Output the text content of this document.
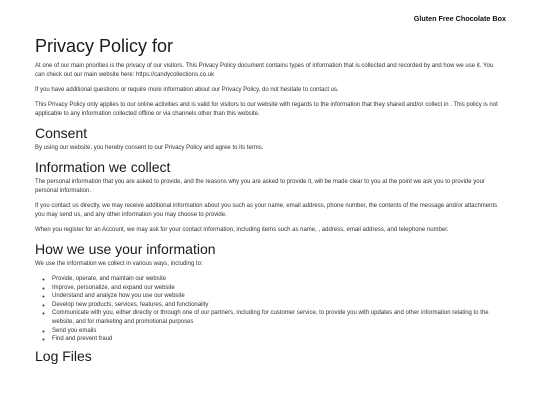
Gluten Free Chocolate Box
Privacy Policy for

At one of our main priorities is the privacy of our visitors. This Privacy Policy document contains types of information that is collected and recorded by and how we use it. You can check out our main website here: https://candycollections.co.uk

If you have additional questions or require more information about our Privacy Policy, do not hesitate to contact us.

This Privacy Policy only applies to our online activities and is valid for visitors to our website with regards to the information that they shared and/or collect in . This policy is not applicable to any information collected offline or via channels other than this website.

Consent

By using our website, you hereby consent to our Privacy Policy and agree to its terms.

Information we collect

The personal information that you are asked to provide, and the reasons why you are asked to provide it, will be made clear to you at the point we ask you to provide your personal information.

If you contact us directly, we may receive additional information about you such as your name, email address, phone number, the contents of the message and/or attachments you may send us, and any other information you may choose to provide.

When you register for an Account, we may ask for your contact information, including items such as name, , address, email address, and telephone number.

How we use your information

We use the information we collect in various ways, including to:

◦ Provide, operate, and maintain our website
◦ Improve, personalize, and expand our website
◦ Understand and analyze how you use our website
◦ Develop new products, services, features, and functionality
◦ Communicate with you, either directly or through one of our partners, including for customer service, to provide you with updates and other information relating to the website, and for marketing and promotional purposes
◦ Send you emails
◦ Find and prevent fraud
Log Files
